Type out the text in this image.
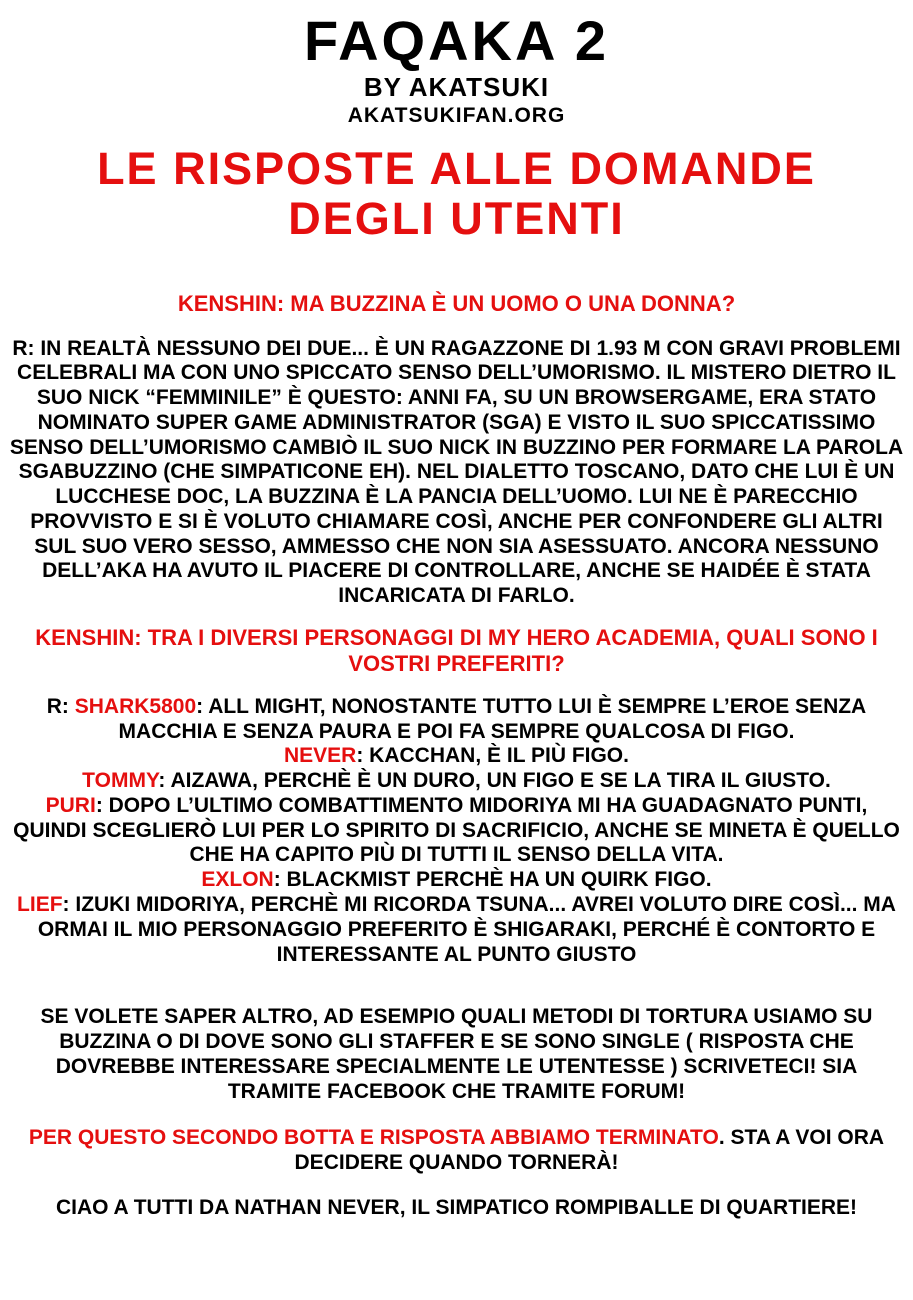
FAQAKA 2
BY AKATSUKI
AKATSUKIFAN.ORG
LE RISPOSTE ALLE DOMANDE DEGLI UTENTI

KENSHIN: MA BUZZINA È UN UOMO O UNA DONNA?

R: IN REALTÀ NESSUNO DEI DUE... È UN RAGAZZONE DI 1.93 M CON GRAVI PROBLEMI CELEBRALI MA CON UNO SPICCATO SENSO DELL’UMORISMO. IL MISTERO DIETRO IL SUO NICK “FEMMINILE” È QUESTO: ANNI FA, SU UN BROWSERGAME, ERA STATO NOMINATO SUPER GAME ADMINISTRATOR (SGA) E VISTO IL SUO SPICCATISSIMO SENSO DELL’UMORISMO CAMBIÒ IL SUO NICK IN BUZZINO PER FORMARE LA PAROLA SGABUZZINO (CHE SIMPATICONE EH). NEL DIALETTO TOSCANO, DATO CHE LUI È UN LUCCHESE DOC, LA BUZZINA È LA PANCIA DELL’UOMO. LUI NE È PARECCHIO PROVVISTO E SI È VOLUTO CHIAMARE COSÌ, ANCHE PER CONFONDERE GLI ALTRI SUL SUO VERO SESSO, AMMESSO CHE NON SIA ASESSUATO. ANCORA NESSUNO DELL’AKA HA AVUTO IL PIACERE DI CONTROLLARE, ANCHE SE HAIDÉE È STATA INCARICATA DI FARLO.

KENSHIN: TRA I DIVERSI PERSONAGGI DI MY HERO ACADEMIA, QUALI SONO I VOSTRI PREFERITI?

R: SHARK5800: ALL MIGHT, NONOSTANTE TUTTO LUI È SEMPRE L’EROE SENZA MACCHIA E SENZA PAURA E POI FA SEMPRE QUALCOSA DI FIGO.

NEVER: KACCHAN, È IL PIÙ FIGO.

TOMMY: AIZAWA, PERCHÈ È UN DURO, UN FIGO E SE LA TIRA IL GIUSTO.

PURI: DOPO L’ULTIMO COMBATTIMENTO MIDORIYA MI HA GUADAGNATO PUNTI, QUINDI SCEGLIERÒ LUI PER LO SPIRITO DI SACRIFICIO, ANCHE SE MINETA È QUELLO CHE HA CAPITO PIÙ DI TUTTI IL SENSO DELLA VITA.

EXLON: BLACKMIST PERCHÈ HA UN QUIRK FIGO.

LIEF: IZUKI MIDORIYA, PERCHÈ MI RICORDA TSUNA... AVREI VOLUTO DIRE COSÌ... MA ORMAI IL MIO PERSONAGGIO PREFERITO È SHIGARAKI, PERCHÉ È CONTORTO E INTERESSANTE AL PUNTO GIUSTO

SE VOLETE SAPER ALTRO, AD ESEMPIO QUALI METODI DI TORTURA USIAMO SU BUZZINA O DI DOVE SONO GLI STAFFER E SE SONO SINGLE ( RISPOSTA CHE DOVREBBE INTERESSARE SPECIALMENTE LE UTENTESSE ) SCRIVETECI! SIA TRAMITE FACEBOOK CHE TRAMITE FORUM!

PER QUESTO SECONDO BOTTA E RISPOSTA ABBIAMO TERMINATO. STA A VOI ORA DECIDERE QUANDO TORNERÀ!

CIAO A TUTTI DA NATHAN NEVER, IL SIMPATICO ROMPIBALLE DI QUARTIERE!
